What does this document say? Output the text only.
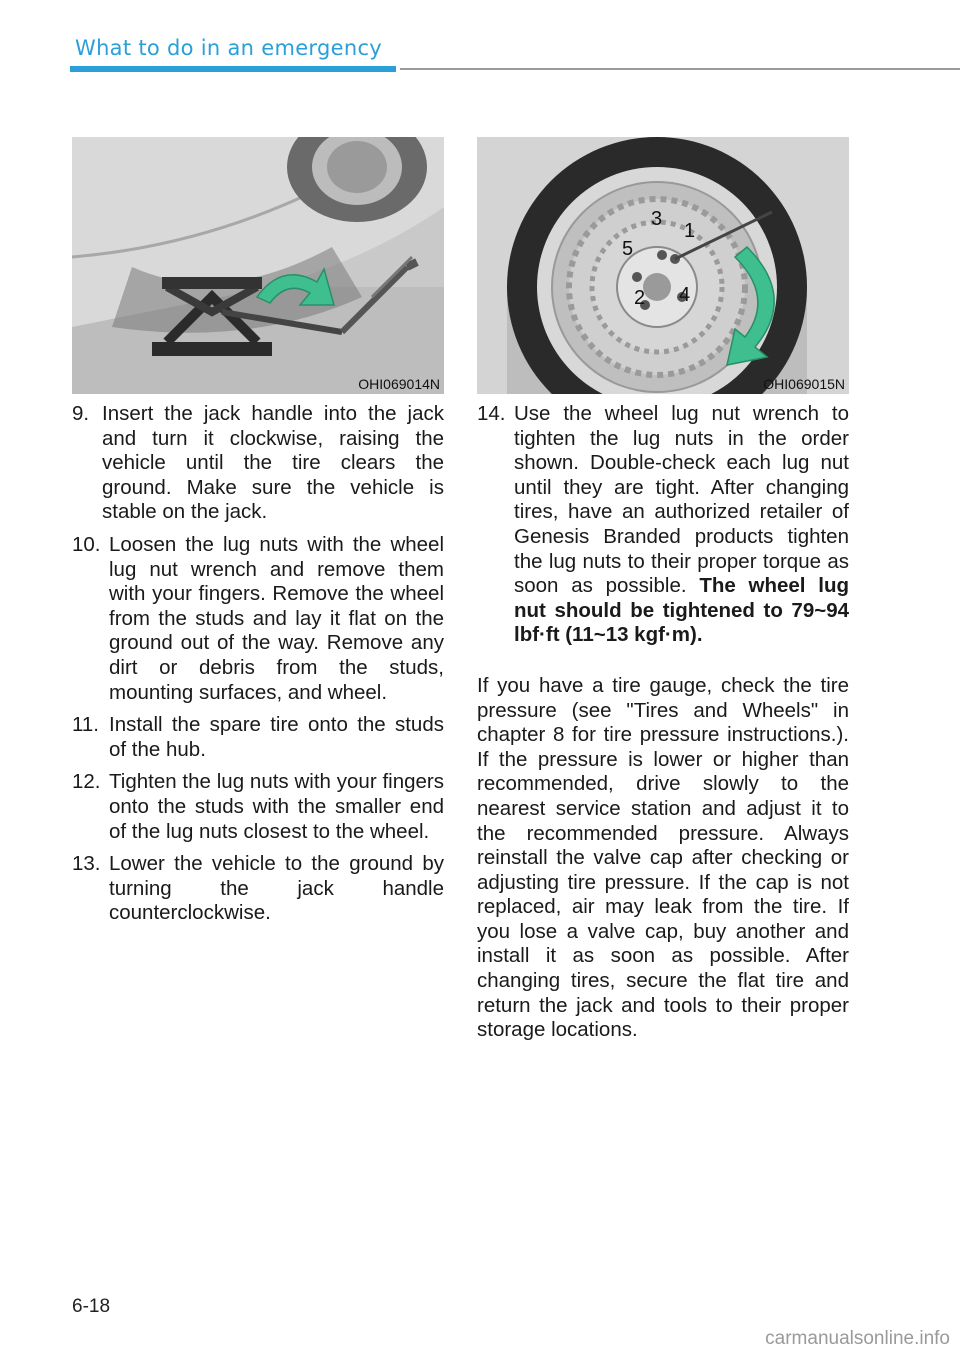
What to do in an emergency
OHI069014N
1
2
3
4
5
OHI069015N
9. Insert the jack handle into the jack and turn it clockwise, raising the vehicle until the tire clears the ground. Make sure the vehicle is stable on the jack.
10. Loosen the lug nuts with the wheel lug nut wrench and remove them with your fingers. Remove the wheel from the studs and lay it flat on the ground out of the way. Remove any dirt or debris from the studs, mounting surfaces, and wheel.
11. Install the spare tire onto the studs of the hub.
12. Tighten the lug nuts with your fingers onto the studs with the smaller end of the lug nuts closest to the wheel.
13. Lower the vehicle to the ground by turning the jack handle counterclockwise.
14. Use the wheel lug nut wrench to tighten the lug nuts in the order shown. Double-check each lug nut until they are tight. After changing tires, have an authorized retailer of Genesis Branded products tighten the lug nuts to their proper torque as soon as possible. The wheel lug nut should be tightened to 79~94 lbf·ft (11~13 kgf·m).
If you have a tire gauge, check the tire pressure (see "Tires and Wheels" in chapter 8 for tire pressure instructions.). If the pressure is lower or higher than recommended, drive slowly to the nearest service station and adjust it to the recommended pressure. Always reinstall the valve cap after checking or adjusting tire pressure. If the cap is not replaced, air may leak from the tire. If you lose a valve cap, buy another and install it as soon as possible. After changing tires, secure the flat tire and return the jack and tools to their proper storage locations.
6-18
carmanualsonline.info
